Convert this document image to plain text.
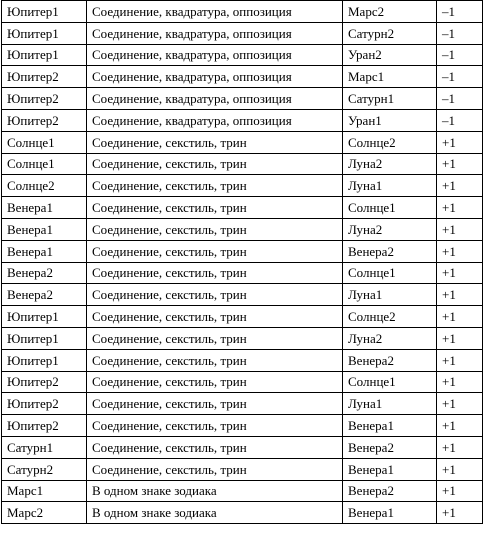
Юпитер1	Соединение, квадратура, оппозиция	Марс2	–1
Юпитер1	Соединение, квадратура, оппозиция	Сатурн2	–1
Юпитер1	Соединение, квадратура, оппозиция	Уран2	–1
Юпитер2	Соединение, квадратура, оппозиция	Марс1	–1
Юпитер2	Соединение, квадратура, оппозиция	Сатурн1	–1
Юпитер2	Соединение, квадратура, оппозиция	Уран1	–1
Солнце1	Соединение, секстиль, трин	Солнце2	+1
Солнце1	Соединение, секстиль, трин	Луна2	+1
Солнце2	Соединение, секстиль, трин	Луна1	+1
Венера1	Соединение, секстиль, трин	Солнце1	+1
Венера1	Соединение, секстиль, трин	Луна2	+1
Венера1	Соединение, секстиль, трин	Венера2	+1
Венера2	Соединение, секстиль, трин	Солнце1	+1
Венера2	Соединение, секстиль, трин	Луна1	+1
Юпитер1	Соединение, секстиль, трин	Солнце2	+1
Юпитер1	Соединение, секстиль, трин	Луна2	+1
Юпитер1	Соединение, секстиль, трин	Венера2	+1
Юпитер2	Соединение, секстиль, трин	Солнце1	+1
Юпитер2	Соединение, секстиль, трин	Луна1	+1
Юпитер2	Соединение, секстиль, трин	Венера1	+1
Сатурн1	Соединение, секстиль, трин	Венера2	+1
Сатурн2	Соединение, секстиль, трин	Венера1	+1
Марс1	В одном знаке зодиака	Венера2	+1
Марс2	В одном знаке зодиака	Венера1	+1
